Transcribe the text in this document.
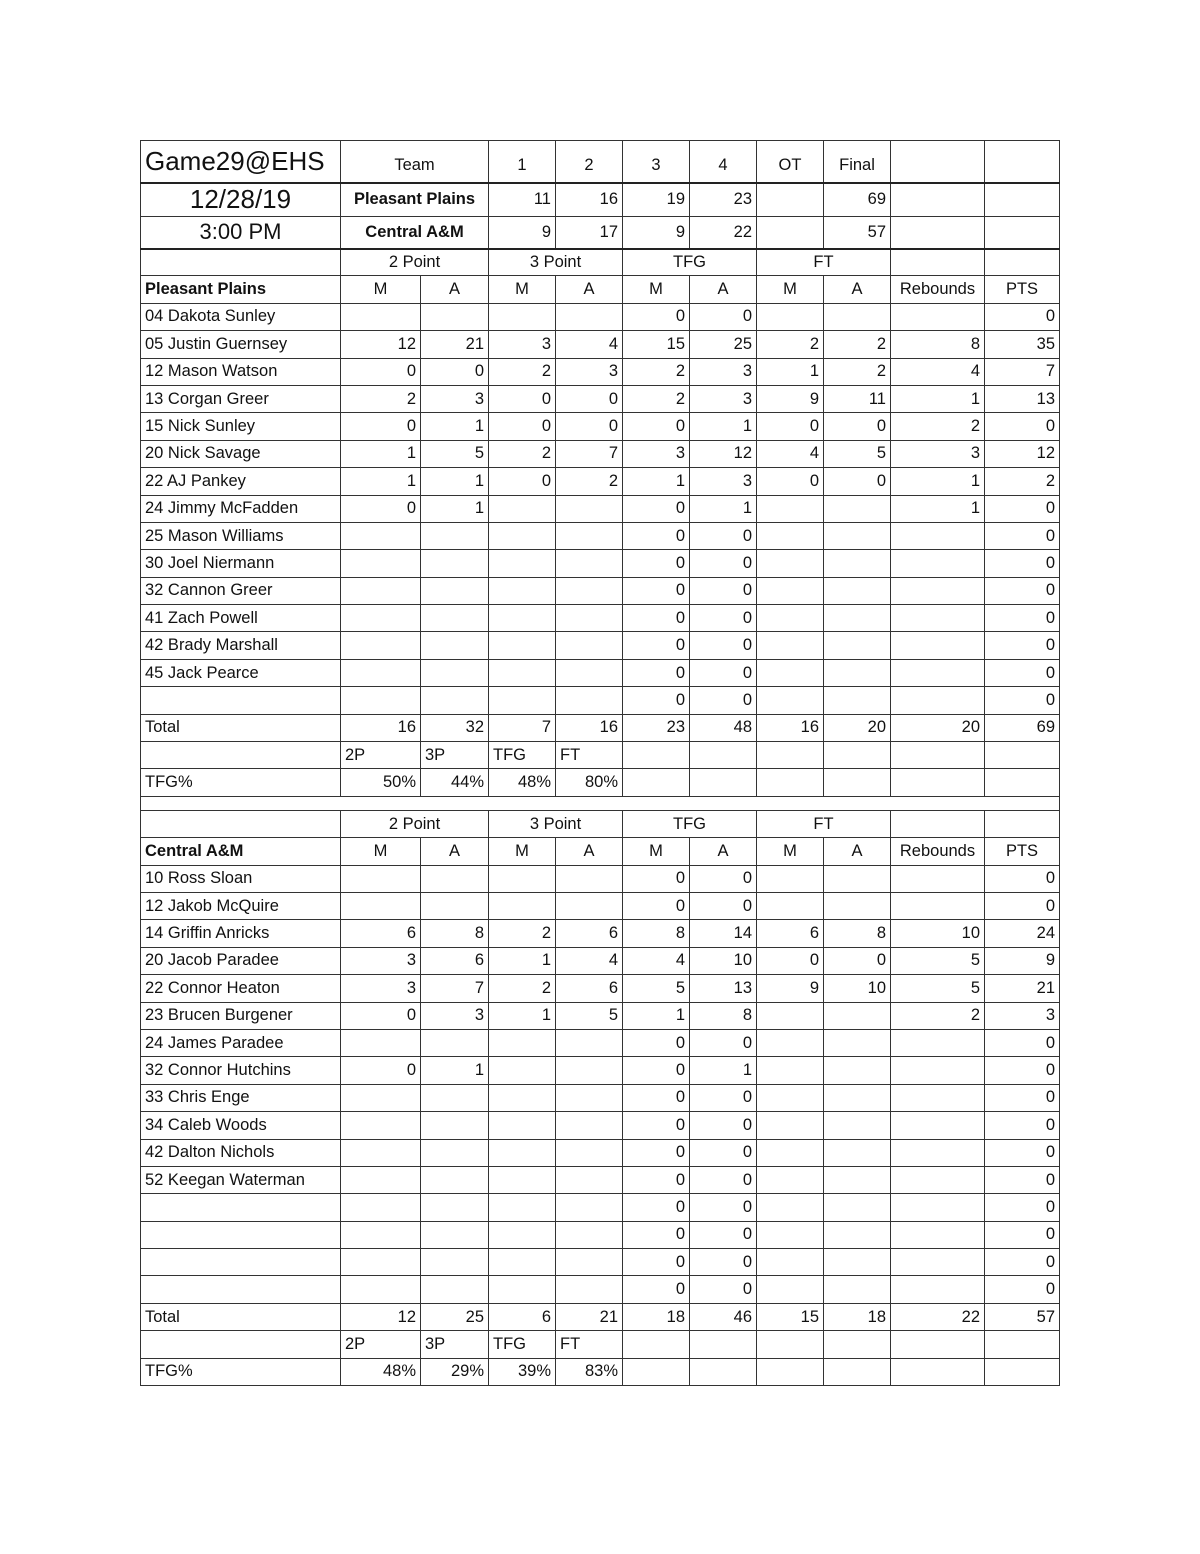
Game29@EHS	Team		1	2	3	4	OT	Final		
12/28/19	Pleasant Plains		11	16	19	23		69		
3:00 PM	Central A&M		9	17	9	22		57		
	2 Point		3 Point		TFG		FT			
Pleasant Plains	M	A	M	A	M	A	M	A	Rebounds	PTS
04 Dakota Sunley					0	0				0
05 Justin Guernsey	12	21	3	4	15	25	2	2	8	35
12 Mason Watson	0	0	2	3	2	3	1	2	4	7
13 Corgan Greer	2	3	0	0	2	3	9	11	1	13
15 Nick Sunley	0	1	0	0	0	1	0	0	2	0
20 Nick Savage	1	5	2	7	3	12	4	5	3	12
22 AJ Pankey	1	1	0	2	1	3	0	0	1	2
24 Jimmy McFadden	0	1			0	1			1	0
25 Mason Williams					0	0				0
30 Joel Niermann					0	0				0
32 Cannon Greer					0	0				0
41 Zach Powell					0	0				0
42 Brady Marshall					0	0				0
45 Jack Pearce					0	0				0
					0	0				0
Total	16	32	7	16	23	48	16	20	20	69
	2P	3P	TFG	FT						
TFG%	50%	44%	48%	80%						

	2 Point		3 Point		TFG		FT			
Central A&M	M	A	M	A	M	A	M	A	Rebounds	PTS
10 Ross Sloan					0	0				0
12 Jakob McQuire					0	0				0
14 Griffin Anricks	6	8	2	6	8	14	6	8	10	24
20 Jacob Paradee	3	6	1	4	4	10	0	0	5	9
22 Connor Heaton	3	7	2	6	5	13	9	10	5	21
23 Brucen Burgener	0	3	1	5	1	8			2	3
24 James Paradee					0	0				0
32 Connor Hutchins	0	1			0	1				0
33 Chris Enge					0	0				0
34 Caleb Woods					0	0				0
42 Dalton Nichols					0	0				0
52 Keegan Waterman					0	0				0
					0	0				0
					0	0				0
					0	0				0
					0	0				0
Total	12	25	6	21	18	46	15	18	22	57
	2P	3P	TFG	FT						
TFG%	48%	29%	39%	83%						
